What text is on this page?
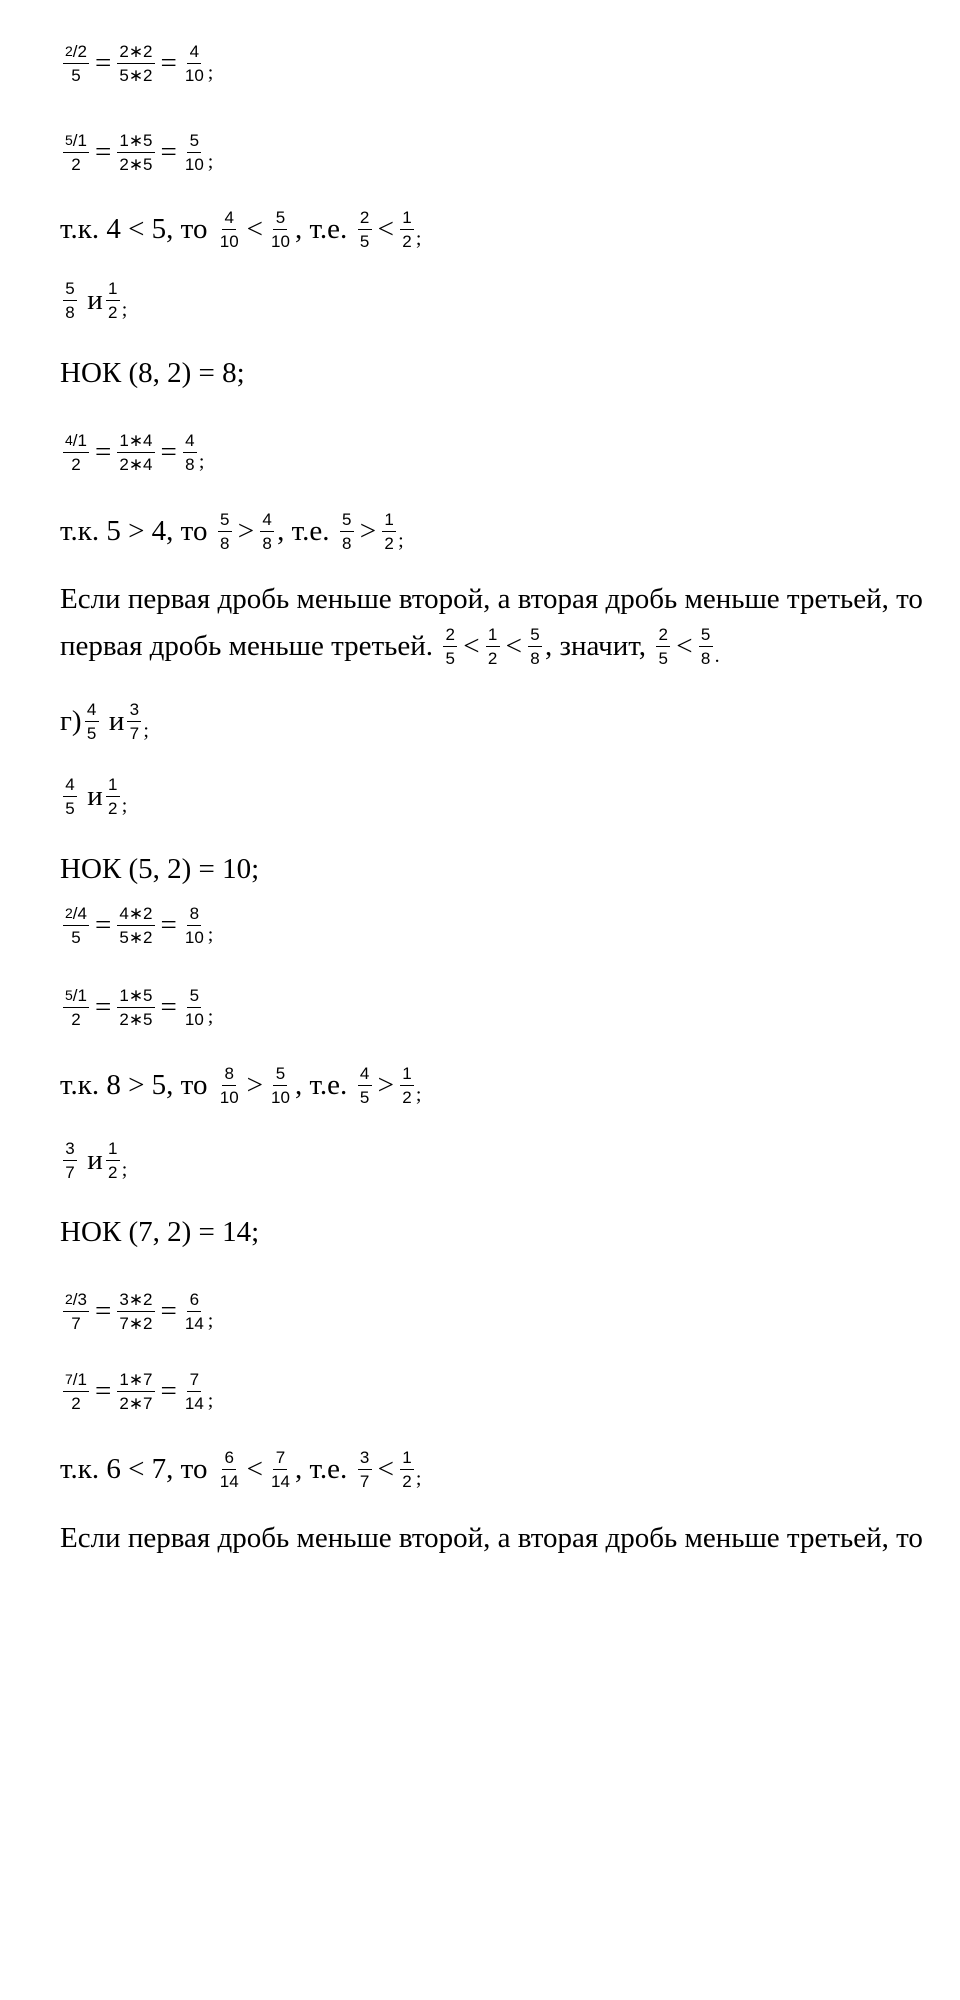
$\frac{2/2}{5} = \frac{2∗2}{5∗2} = \frac{4}{10}$ ;
$\frac{5/1}{2} = \frac{1∗5}{2∗5} = \frac{5}{10}$ ;
т.к. 4 < 5, то $\frac{4}{10} < \frac{5}{10}$ , т.е. $\frac{2}{5} < \frac{1}{2}$ ;
$\frac{5}{8}$ и $\frac{1}{2}$ ;
НОК (8, 2) = 8;
$\frac{4/1}{2} = \frac{1∗4}{2∗4} = \frac{4}{8}$ ;
т.к. 5 > 4, то $\frac{5}{8} > \frac{4}{8}$ , т.е. $\frac{5}{8} > \frac{1}{2}$ ;
Если первая дробь меньше второй, а вторая дробь меньше третьей, то
первая дробь меньше третьей. $\frac{2}{5} < \frac{1}{2} < \frac{5}{8}$ , значит, $\frac{2}{5} < \frac{5}{8}$ .
$г) \frac{4}{5}$ и $\frac{3}{7}$ ;
$\frac{4}{5}$ и $\frac{1}{2}$ ;
НОК (5, 2) = 10;
$\frac{2/4}{5} = \frac{4∗2}{5∗2} = \frac{8}{10}$ ;
$\frac{5/1}{2} = \frac{1∗5}{2∗5} = \frac{5}{10}$ ;
т.к. 8 > 5, то $\frac{8}{10} > \frac{5}{10}$ , т.е. $\frac{4}{5} > \frac{1}{2}$ ;
$\frac{3}{7}$ и $\frac{1}{2}$ ;
НОК (7, 2) = 14;
$\frac{2/3}{7} = \frac{3∗2}{7∗2} = \frac{6}{14}$ ;
$\frac{7/1}{2} = \frac{1∗7}{2∗7} = \frac{7}{14}$ ;
т.к. 6 < 7, то $\frac{6}{14} < \frac{7}{14}$ , т.е. $\frac{3}{7} < \frac{1}{2}$ ;
Если первая дробь меньше второй, а вторая дробь меньше третьей, то
